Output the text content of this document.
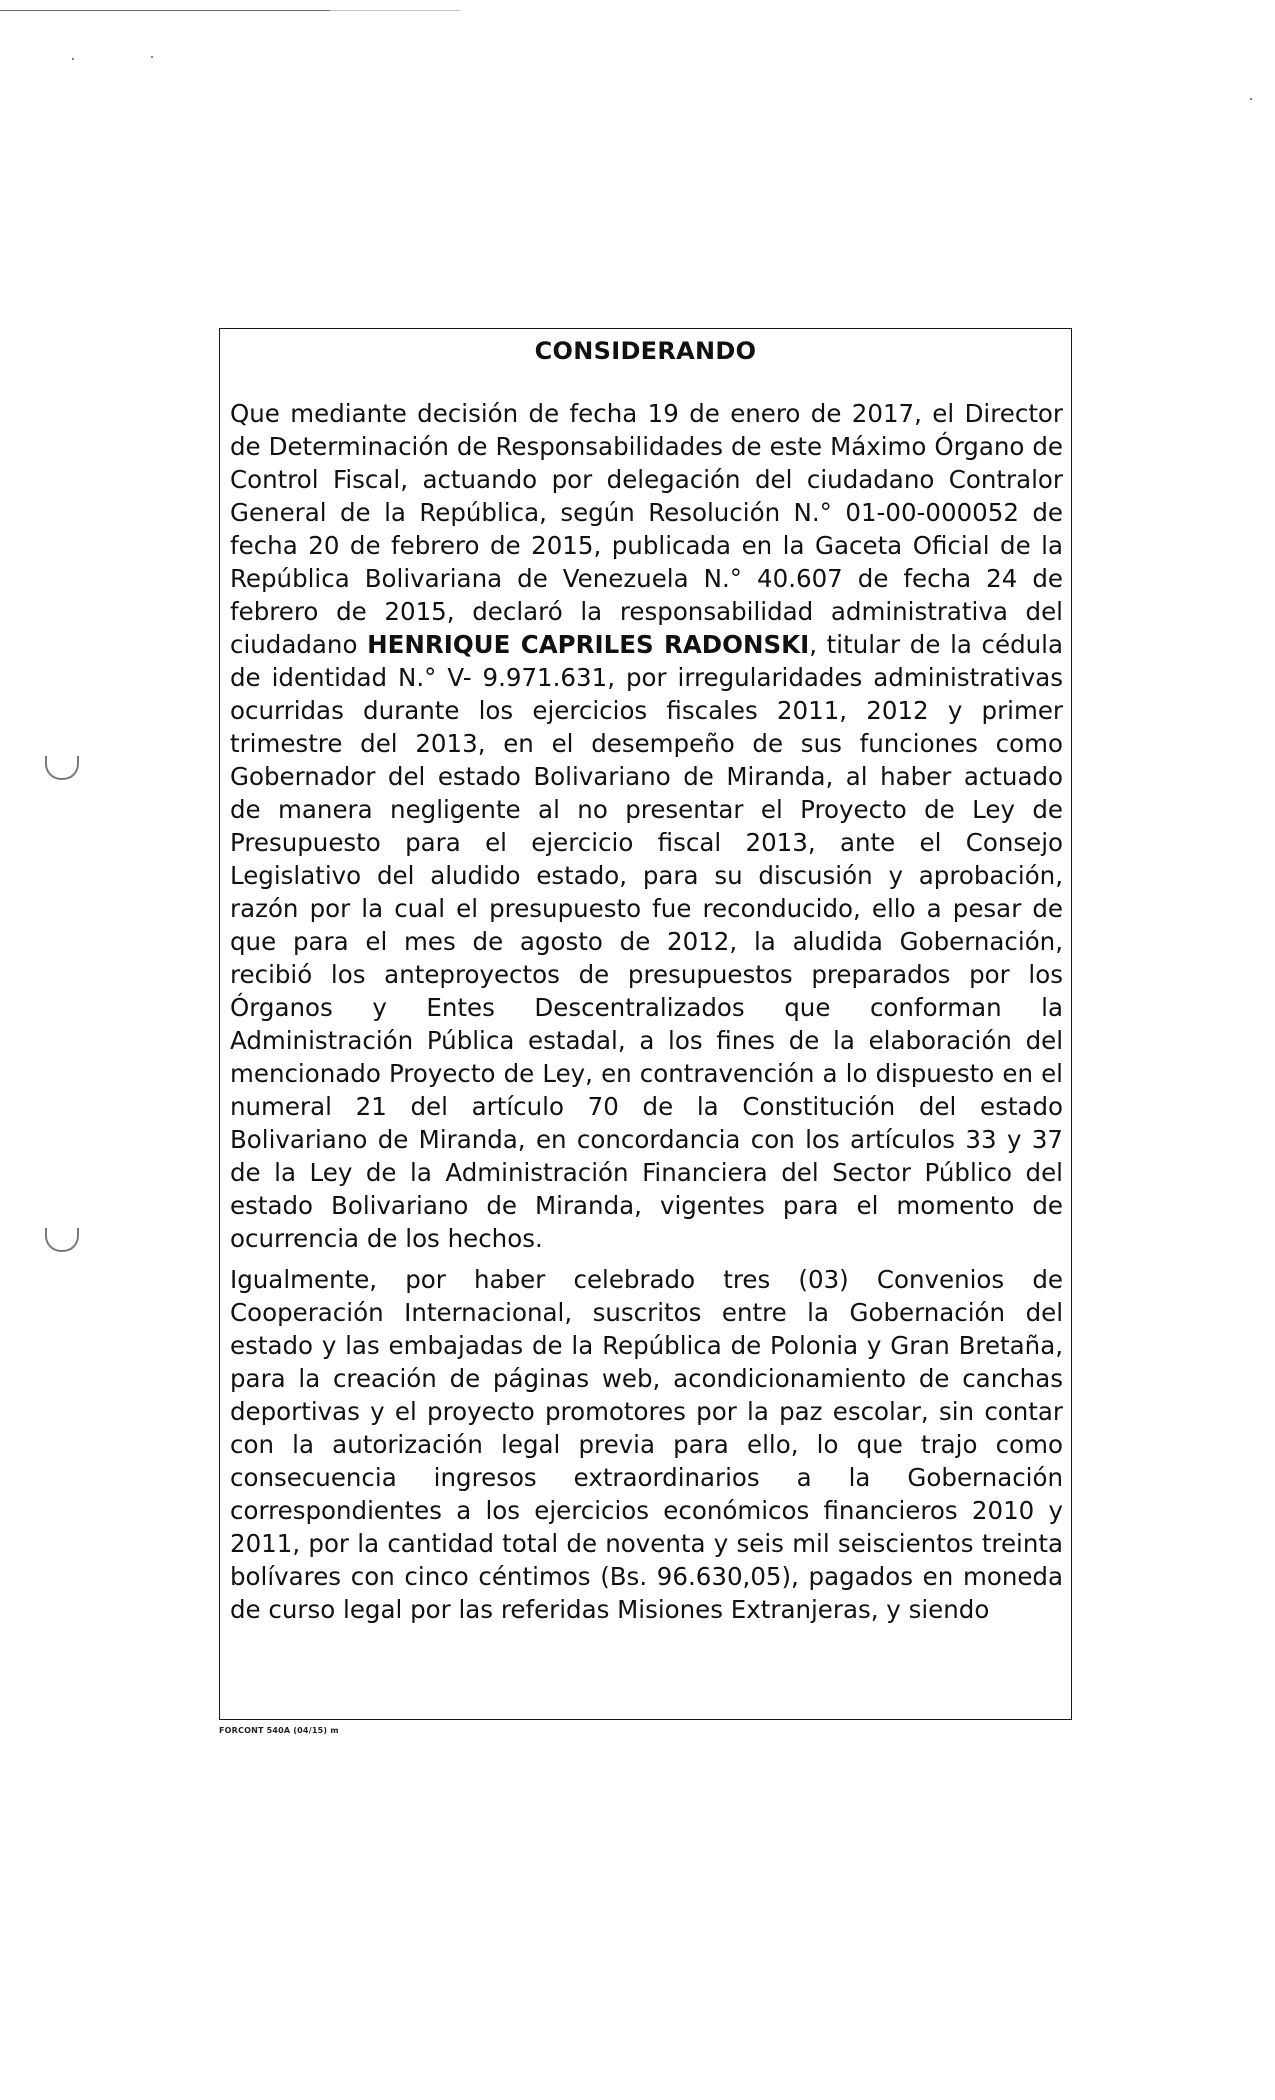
CONSIDERANDO

Que mediante decisión de fecha 19 de enero de 2017, el Director de Determinación de Responsabilidades de este Máximo Órgano de Control Fiscal, actuando por delegación del ciudadano Contralor General de la República, según Resolución N.° 01-00-000052 de fecha 20 de febrero de 2015, publicada en la Gaceta Oficial de la República Bolivariana de Venezuela N.° 40.607 de fecha 24 de febrero de 2015, declaró la responsabilidad administrativa del ciudadano HENRIQUE CAPRILES RADONSKI, titular de la cédula de identidad N.° V- 9.971.631, por irregularidades administrativas ocurridas durante los ejercicios fiscales 2011, 2012 y primer trimestre del 2013, en el desempeño de sus funciones como Gobernador del estado Bolivariano de Miranda, al haber actuado de manera negligente al no presentar el Proyecto de Ley de Presupuesto para el ejercicio fiscal 2013, ante el Consejo Legislativo del aludido estado, para su discusión y aprobación, razón por la cual el presupuesto fue reconducido, ello a pesar de que para el mes de agosto de 2012, la aludida Gobernación, recibió los anteproyectos de presupuestos preparados por los Órganos y Entes Descentralizados que conforman la Administración Pública estadal, a los fines de la elaboración del mencionado Proyecto de Ley, en contravención a lo dispuesto en el numeral 21 del artículo 70 de la Constitución del estado Bolivariano de Miranda, en concordancia con los artículos 33 y 37 de la Ley de la Administración Financiera del Sector Público del estado Bolivariano de Miranda, vigentes para el momento de ocurrencia de los hechos.

Igualmente, por haber celebrado tres (03) Convenios de Cooperación Internacional, suscritos entre la Gobernación del estado y las embajadas de la República de Polonia y Gran Bretaña, para la creación de páginas web, acondicionamiento de canchas deportivas y el proyecto promotores por la paz escolar, sin contar con la autorización legal previa para ello, lo que trajo como consecuencia ingresos extraordinarios a la Gobernación correspondientes a los ejercicios económicos financieros 2010 y 2011, por la cantidad total de noventa y seis mil seiscientos treinta bolívares con cinco céntimos (Bs. 96.630,05), pagados en moneda de curso legal por las referidas Misiones Extranjeras, y siendo

FORCONT 540A (04/15) m
